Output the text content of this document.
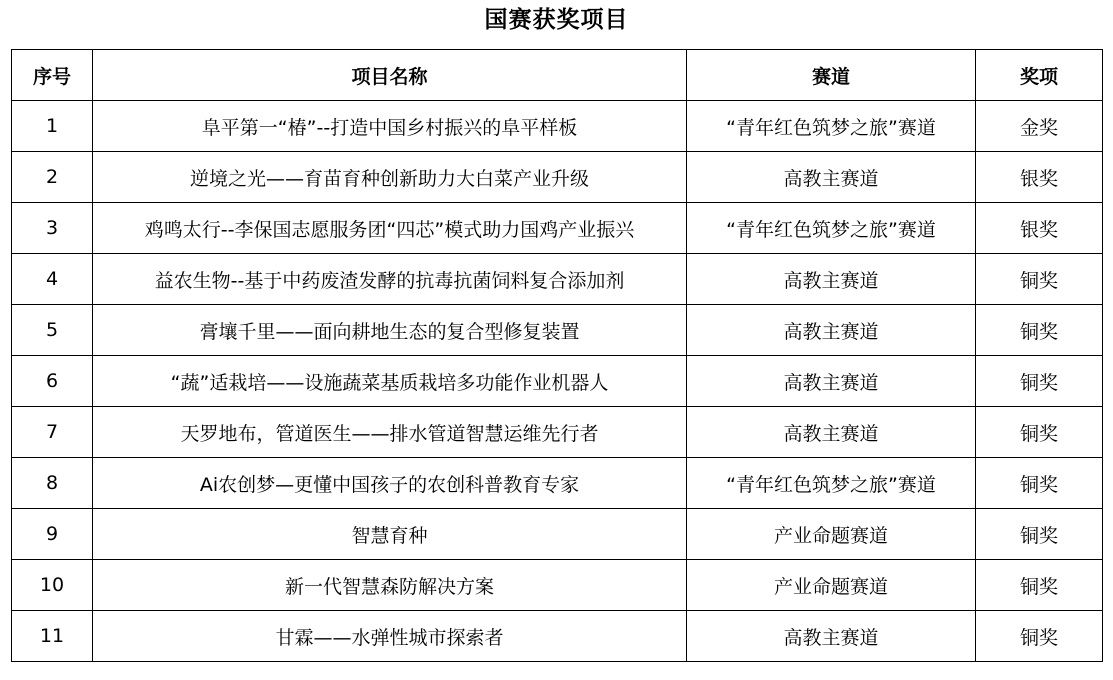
国赛获奖项目
序号	项目名称	赛道	奖项
1	阜平第一“椿”--打造中国乡村振兴的阜平样板	“青年红色筑梦之旅”赛道	金奖
2	逆境之光——育苗育种创新助力大白菜产业升级	高教主赛道	银奖
3	鸡鸣太行--李保国志愿服务团“四芯”模式助力国鸡产业振兴	“青年红色筑梦之旅”赛道	银奖
4	益农生物--基于中药废渣发酵的抗毒抗菌饲料复合添加剂	高教主赛道	铜奖
5	膏壤千里——面向耕地生态的复合型修复装置	高教主赛道	铜奖
6	“蔬”适栽培——设施蔬菜基质栽培多功能作业机器人	高教主赛道	铜奖
7	天罗地布，管道医生——排水管道智慧运维先行者	高教主赛道	铜奖
8	Ai农创梦—更懂中国孩子的农创科普教育专家	“青年红色筑梦之旅”赛道	铜奖
9	智慧育种	产业命题赛道	铜奖
10	新一代智慧森防解决方案	产业命题赛道	铜奖
11	甘霖——水弹性城市探索者	高教主赛道	铜奖
